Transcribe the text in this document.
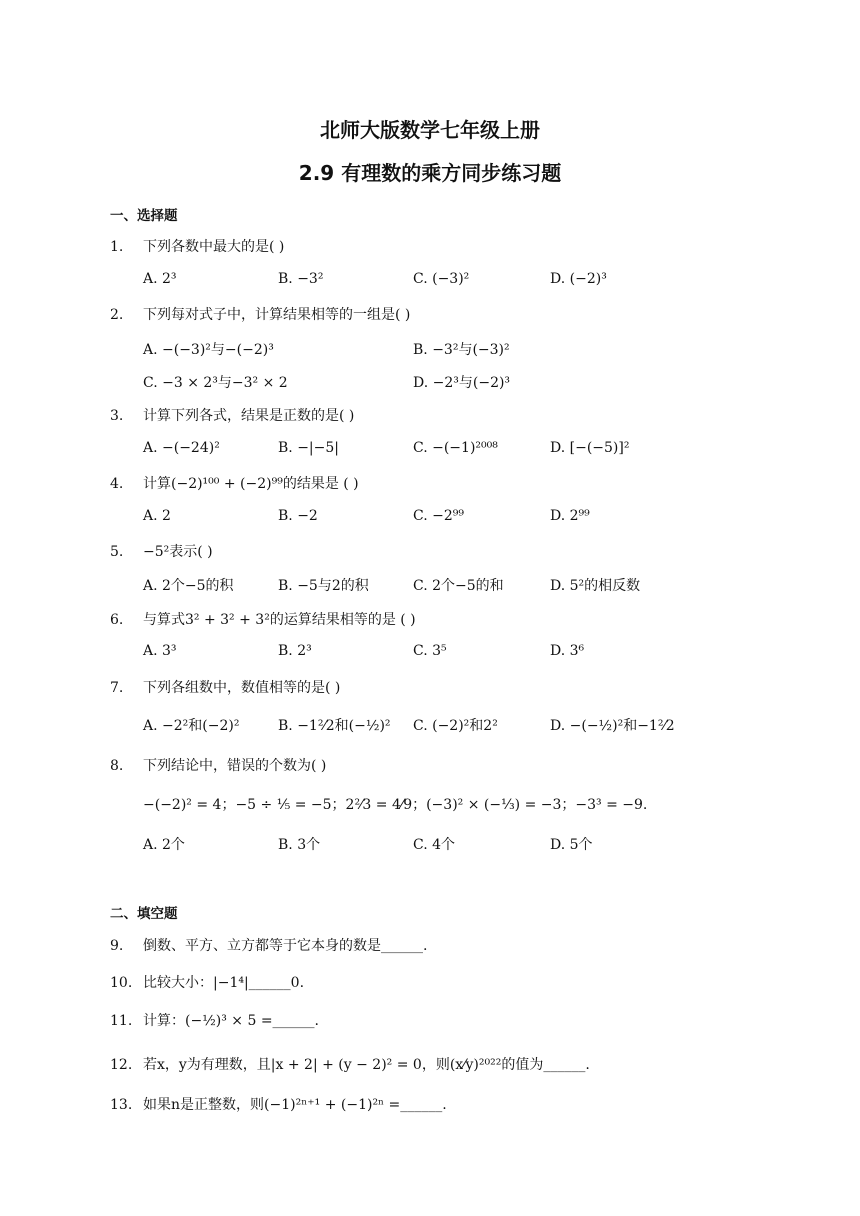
北师大版数学七年级上册
2.9 有理数的乘方同步练习题
一、选择题
1. 下列各数中最大的是( )
A. 2³	B. −3²	C. (−3)²	D. (−2)³
2. 下列每对式子中，计算结果相等的一组是( )
A. −(−3)²与−(−2)³	B. −3²与(−3)²
C. −3 × 2³与−3² × 2	D. −2³与(−2)³
3. 计算下列各式，结果是正数的是( )
A. −(−24)²	B. −|−5|	C. −(−1)²⁰⁰⁸	D. [−(−5)]²
4. 计算(−2)¹⁰⁰ + (−2)⁹⁹的结果是 ( )
A. 2	B. −2	C. −2⁹⁹	D. 2⁹⁹
5. −5²表示( )
A. 2个−5的积	B. −5与2的积	C. 2个−5的和	D. 5²的相反数
6. 与算式3² + 3² + 3²的运算结果相等的是 ( )
A. 3³	B. 2³	C. 3⁵	D. 3⁶
7. 下列各组数中，数值相等的是( )
A. −2²和(−2)²	B. −1²⁄2和(−½)² C. (−2)²和2²	D. −(−½)²和−1²⁄2
8. 下列结论中，错误的个数为( )
−(−2)² = 4；−5 ÷ ⅕ = −5；2²⁄3 = 4⁄9；(−3)² × (−⅓) = −3；−3³ = −9.
A. 2个	B. 3个	C. 4个	D. 5个
二、填空题
9. 倒数、平方、立方都等于它本身的数是______.
10. 比较大小：|−1⁴|______0.
11. 计算：(−½)³ × 5 =______.
12. 若x，y为有理数，且|x + 2| + (y − 2)² = 0，则(x⁄y)²⁰²²的值为______.
13. 如果n是正整数，则(−1)²ⁿ⁺¹ + (−1)²ⁿ =______.
